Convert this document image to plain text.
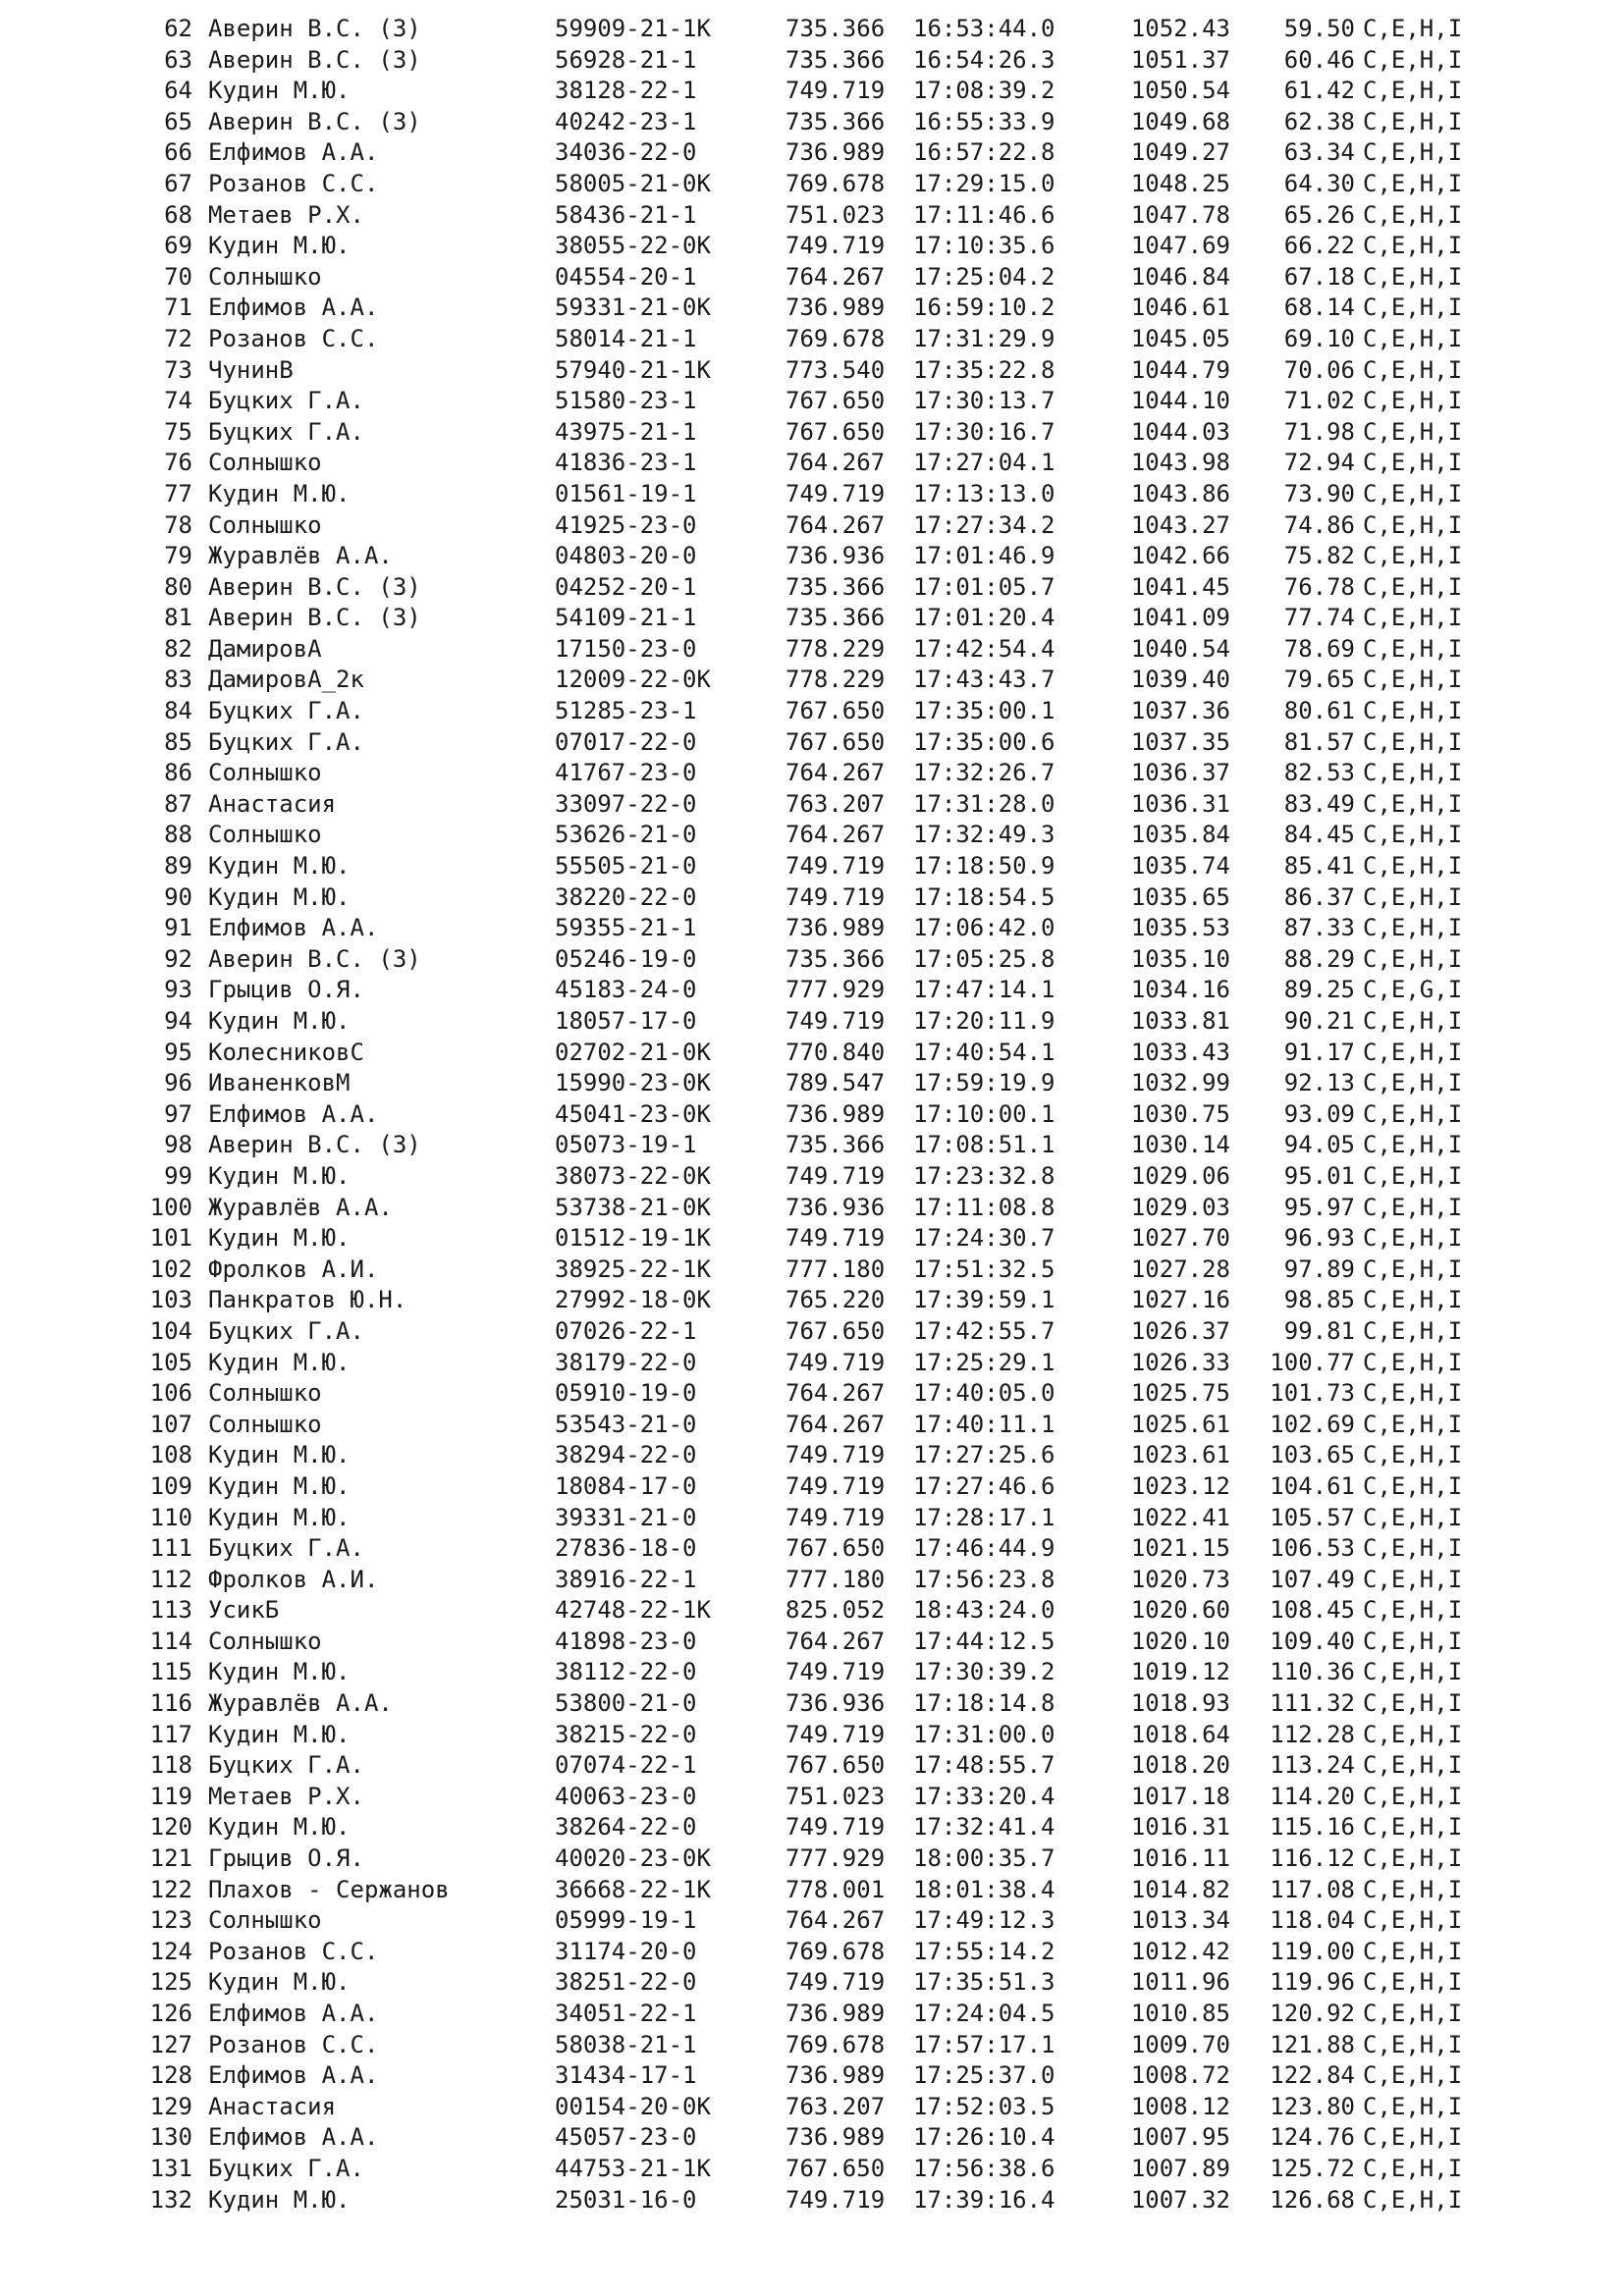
62 Аверин В.С. (З)	59909-21-1К	735.366 16:53:44.0	1052.43	59.50 C,E,H,I
63 Аверин В.С. (З)	56928-21-1	735.366 16:54:26.3	1051.37	60.46 C,E,H,I
64 Кудин М.Ю.	38128-22-1	749.719 17:08:39.2	1050.54	61.42 C,E,H,I
65 Аверин В.С. (З)	40242-23-1	735.366 16:55:33.9	1049.68	62.38 C,E,H,I
66 Елфимов А.А.	34036-22-0	736.989 16:57:22.8	1049.27	63.34 C,E,H,I
67 Розанов С.С.	58005-21-0К	769.678 17:29:15.0	1048.25	64.30 C,E,H,I
68 Метаев Р.Х.	58436-21-1	751.023 17:11:46.6	1047.78	65.26 C,E,H,I
69 Кудин М.Ю.	38055-22-0К	749.719 17:10:35.6	1047.69	66.22 C,E,H,I
70 Солнышко	04554-20-1	764.267 17:25:04.2	1046.84	67.18 C,E,H,I
71 Елфимов А.А.	59331-21-0К	736.989 16:59:10.2	1046.61	68.14 C,E,H,I
72 Розанов С.С.	58014-21-1	769.678 17:31:29.9	1045.05	69.10 C,E,H,I
73 ЧунинВ	57940-21-1К	773.540 17:35:22.8	1044.79	70.06 C,E,H,I
74 Буцких Г.А.	51580-23-1	767.650 17:30:13.7	1044.10	71.02 C,E,H,I
75 Буцких Г.А.	43975-21-1	767.650 17:30:16.7	1044.03	71.98 C,E,H,I
76 Солнышко	41836-23-1	764.267 17:27:04.1	1043.98	72.94 C,E,H,I
77 Кудин М.Ю.	01561-19-1	749.719 17:13:13.0	1043.86	73.90 C,E,H,I
78 Солнышко	41925-23-0	764.267 17:27:34.2	1043.27	74.86 C,E,H,I
79 Журавлёв А.А.	04803-20-0	736.936 17:01:46.9	1042.66	75.82 C,E,H,I
80 Аверин В.С. (З)	04252-20-1	735.366 17:01:05.7	1041.45	76.78 C,E,H,I
81 Аверин В.С. (З)	54109-21-1	735.366 17:01:20.4	1041.09	77.74 C,E,H,I
82 ДамировА	17150-23-0	778.229 17:42:54.4	1040.54	78.69 C,E,H,I
83 ДамировА_2к	12009-22-0К	778.229 17:43:43.7	1039.40	79.65 C,E,H,I
84 Буцких Г.А.	51285-23-1	767.650 17:35:00.1	1037.36	80.61 C,E,H,I
85 Буцких Г.А.	07017-22-0	767.650 17:35:00.6	1037.35	81.57 C,E,H,I
86 Солнышко	41767-23-0	764.267 17:32:26.7	1036.37	82.53 C,E,H,I
87 Анастасия	33097-22-0	763.207 17:31:28.0	1036.31	83.49 C,E,H,I
88 Солнышко	53626-21-0	764.267 17:32:49.3	1035.84	84.45 C,E,H,I
89 Кудин М.Ю.	55505-21-0	749.719 17:18:50.9	1035.74	85.41 C,E,H,I
90 Кудин М.Ю.	38220-22-0	749.719 17:18:54.5	1035.65	86.37 C,E,H,I
91 Елфимов А.А.	59355-21-1	736.989 17:06:42.0	1035.53	87.33 C,E,H,I
92 Аверин В.С. (З)	05246-19-0	735.366 17:05:25.8	1035.10	88.29 C,E,H,I
93 Грыцив О.Я.	45183-24-0	777.929 17:47:14.1	1034.16	89.25 C,E,G,I
94 Кудин М.Ю.	18057-17-0	749.719 17:20:11.9	1033.81	90.21 C,E,H,I
95 КолесниковС	02702-21-0К	770.840 17:40:54.1	1033.43	91.17 C,E,H,I
96 ИваненковМ	15990-23-0К	789.547 17:59:19.9	1032.99	92.13 C,E,H,I
97 Елфимов А.А.	45041-23-0К	736.989 17:10:00.1	1030.75	93.09 C,E,H,I
98 Аверин В.С. (З)	05073-19-1	735.366 17:08:51.1	1030.14	94.05 C,E,H,I
99 Кудин М.Ю.	38073-22-0К	749.719 17:23:32.8	1029.06	95.01 C,E,H,I
100 Журавлёв А.А.	53738-21-0К	736.936 17:11:08.8	1029.03	95.97 C,E,H,I
101 Кудин М.Ю.	01512-19-1К	749.719 17:24:30.7	1027.70	96.93 C,E,H,I
102 Фролков А.И.	38925-22-1К	777.180 17:51:32.5	1027.28	97.89 C,E,H,I
103 Панкратов Ю.Н.	27992-18-0К	765.220 17:39:59.1	1027.16	98.85 C,E,H,I
104 Буцких Г.А.	07026-22-1	767.650 17:42:55.7	1026.37	99.81 C,E,H,I
105 Кудин М.Ю.	38179-22-0	749.719 17:25:29.1	1026.33	100.77 C,E,H,I
106 Солнышко	05910-19-0	764.267 17:40:05.0	1025.75	101.73 C,E,H,I
107 Солнышко	53543-21-0	764.267 17:40:11.1	1025.61	102.69 C,E,H,I
108 Кудин М.Ю.	38294-22-0	749.719 17:27:25.6	1023.61	103.65 C,E,H,I
109 Кудин М.Ю.	18084-17-0	749.719 17:27:46.6	1023.12	104.61 C,E,H,I
110 Кудин М.Ю.	39331-21-0	749.719 17:28:17.1	1022.41	105.57 C,E,H,I
111 Буцких Г.А.	27836-18-0	767.650 17:46:44.9	1021.15	106.53 C,E,H,I
112 Фролков А.И.	38916-22-1	777.180 17:56:23.8	1020.73	107.49 C,E,H,I
113 УсикБ	42748-22-1К	825.052 18:43:24.0	1020.60	108.45 C,E,H,I
114 Солнышко	41898-23-0	764.267 17:44:12.5	1020.10	109.40 C,E,H,I
115 Кудин М.Ю.	38112-22-0	749.719 17:30:39.2	1019.12	110.36 C,E,H,I
116 Журавлёв А.А.	53800-21-0	736.936 17:18:14.8	1018.93	111.32 C,E,H,I
117 Кудин М.Ю.	38215-22-0	749.719 17:31:00.0	1018.64	112.28 C,E,H,I
118 Буцких Г.А.	07074-22-1	767.650 17:48:55.7	1018.20	113.24 C,E,H,I
119 Метаев Р.Х.	40063-23-0	751.023 17:33:20.4	1017.18	114.20 C,E,H,I
120 Кудин М.Ю.	38264-22-0	749.719 17:32:41.4	1016.31	115.16 C,E,H,I
121 Грыцив О.Я.	40020-23-0К	777.929 18:00:35.7	1016.11	116.12 C,E,H,I
122 Плахов - Сержанов	36668-22-1К	778.001 18:01:38.4	1014.82	117.08 C,E,H,I
123 Солнышко	05999-19-1	764.267 17:49:12.3	1013.34	118.04 C,E,H,I
124 Розанов С.С.	31174-20-0	769.678 17:55:14.2	1012.42	119.00 C,E,H,I
125 Кудин М.Ю.	38251-22-0	749.719 17:35:51.3	1011.96	119.96 C,E,H,I
126 Елфимов А.А.	34051-22-1	736.989 17:24:04.5	1010.85	120.92 C,E,H,I
127 Розанов С.С.	58038-21-1	769.678 17:57:17.1	1009.70	121.88 C,E,H,I
128 Елфимов А.А.	31434-17-1	736.989 17:25:37.0	1008.72	122.84 C,E,H,I
129 Анастасия	00154-20-0К	763.207 17:52:03.5	1008.12	123.80 C,E,H,I
130 Елфимов А.А.	45057-23-0	736.989 17:26:10.4	1007.95	124.76 C,E,H,I
131 Буцких Г.А.	44753-21-1К	767.650 17:56:38.6	1007.89	125.72 C,E,H,I
132 Кудин М.Ю.	25031-16-0	749.719 17:39:16.4	1007.32	126.68 C,E,H,I
